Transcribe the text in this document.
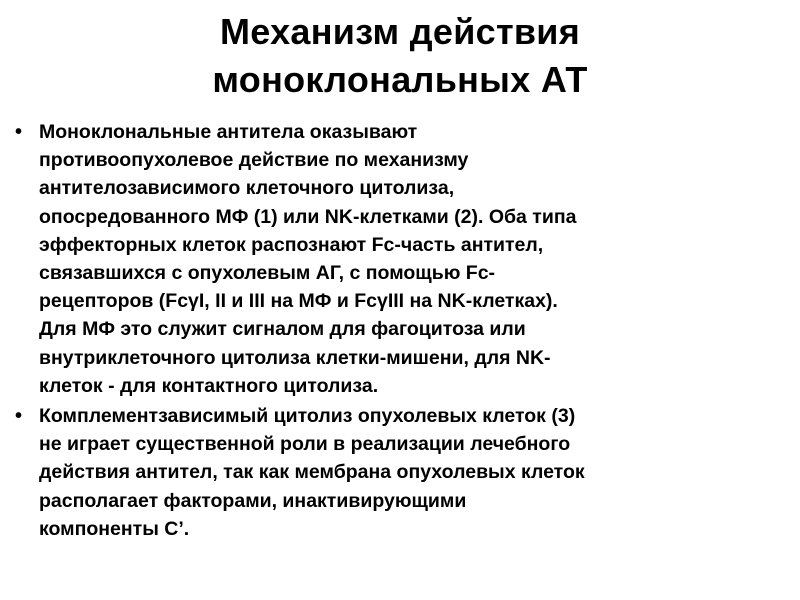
Механизм действия
моноклональных АТ
• Моноклональные антитела оказывают
противоопухолевое действие по механизму
антителозависимого клеточного цитолиза,
опосредованного МФ (1) или NK-клетками (2). Оба типа
эффекторных клеток распознают Fc-часть антител,
связавшихся с опухолевым АГ, с помощью Fc-
рецепторов (FcγI, II и III на МФ и FcγIII на NK-клетках).
Для МФ это служит сигналом для фагоцитоза или
внутриклеточного цитолиза клетки-мишени, для NK-
клеток - для контактного цитолиза.
• Комплементзависимый цитолиз опухолевых клеток (3)
не играет существенной роли в реализации лечебного
действия антител, так как мембрана опухолевых клеток
располагает факторами, инактивирующими
компоненты С’.
